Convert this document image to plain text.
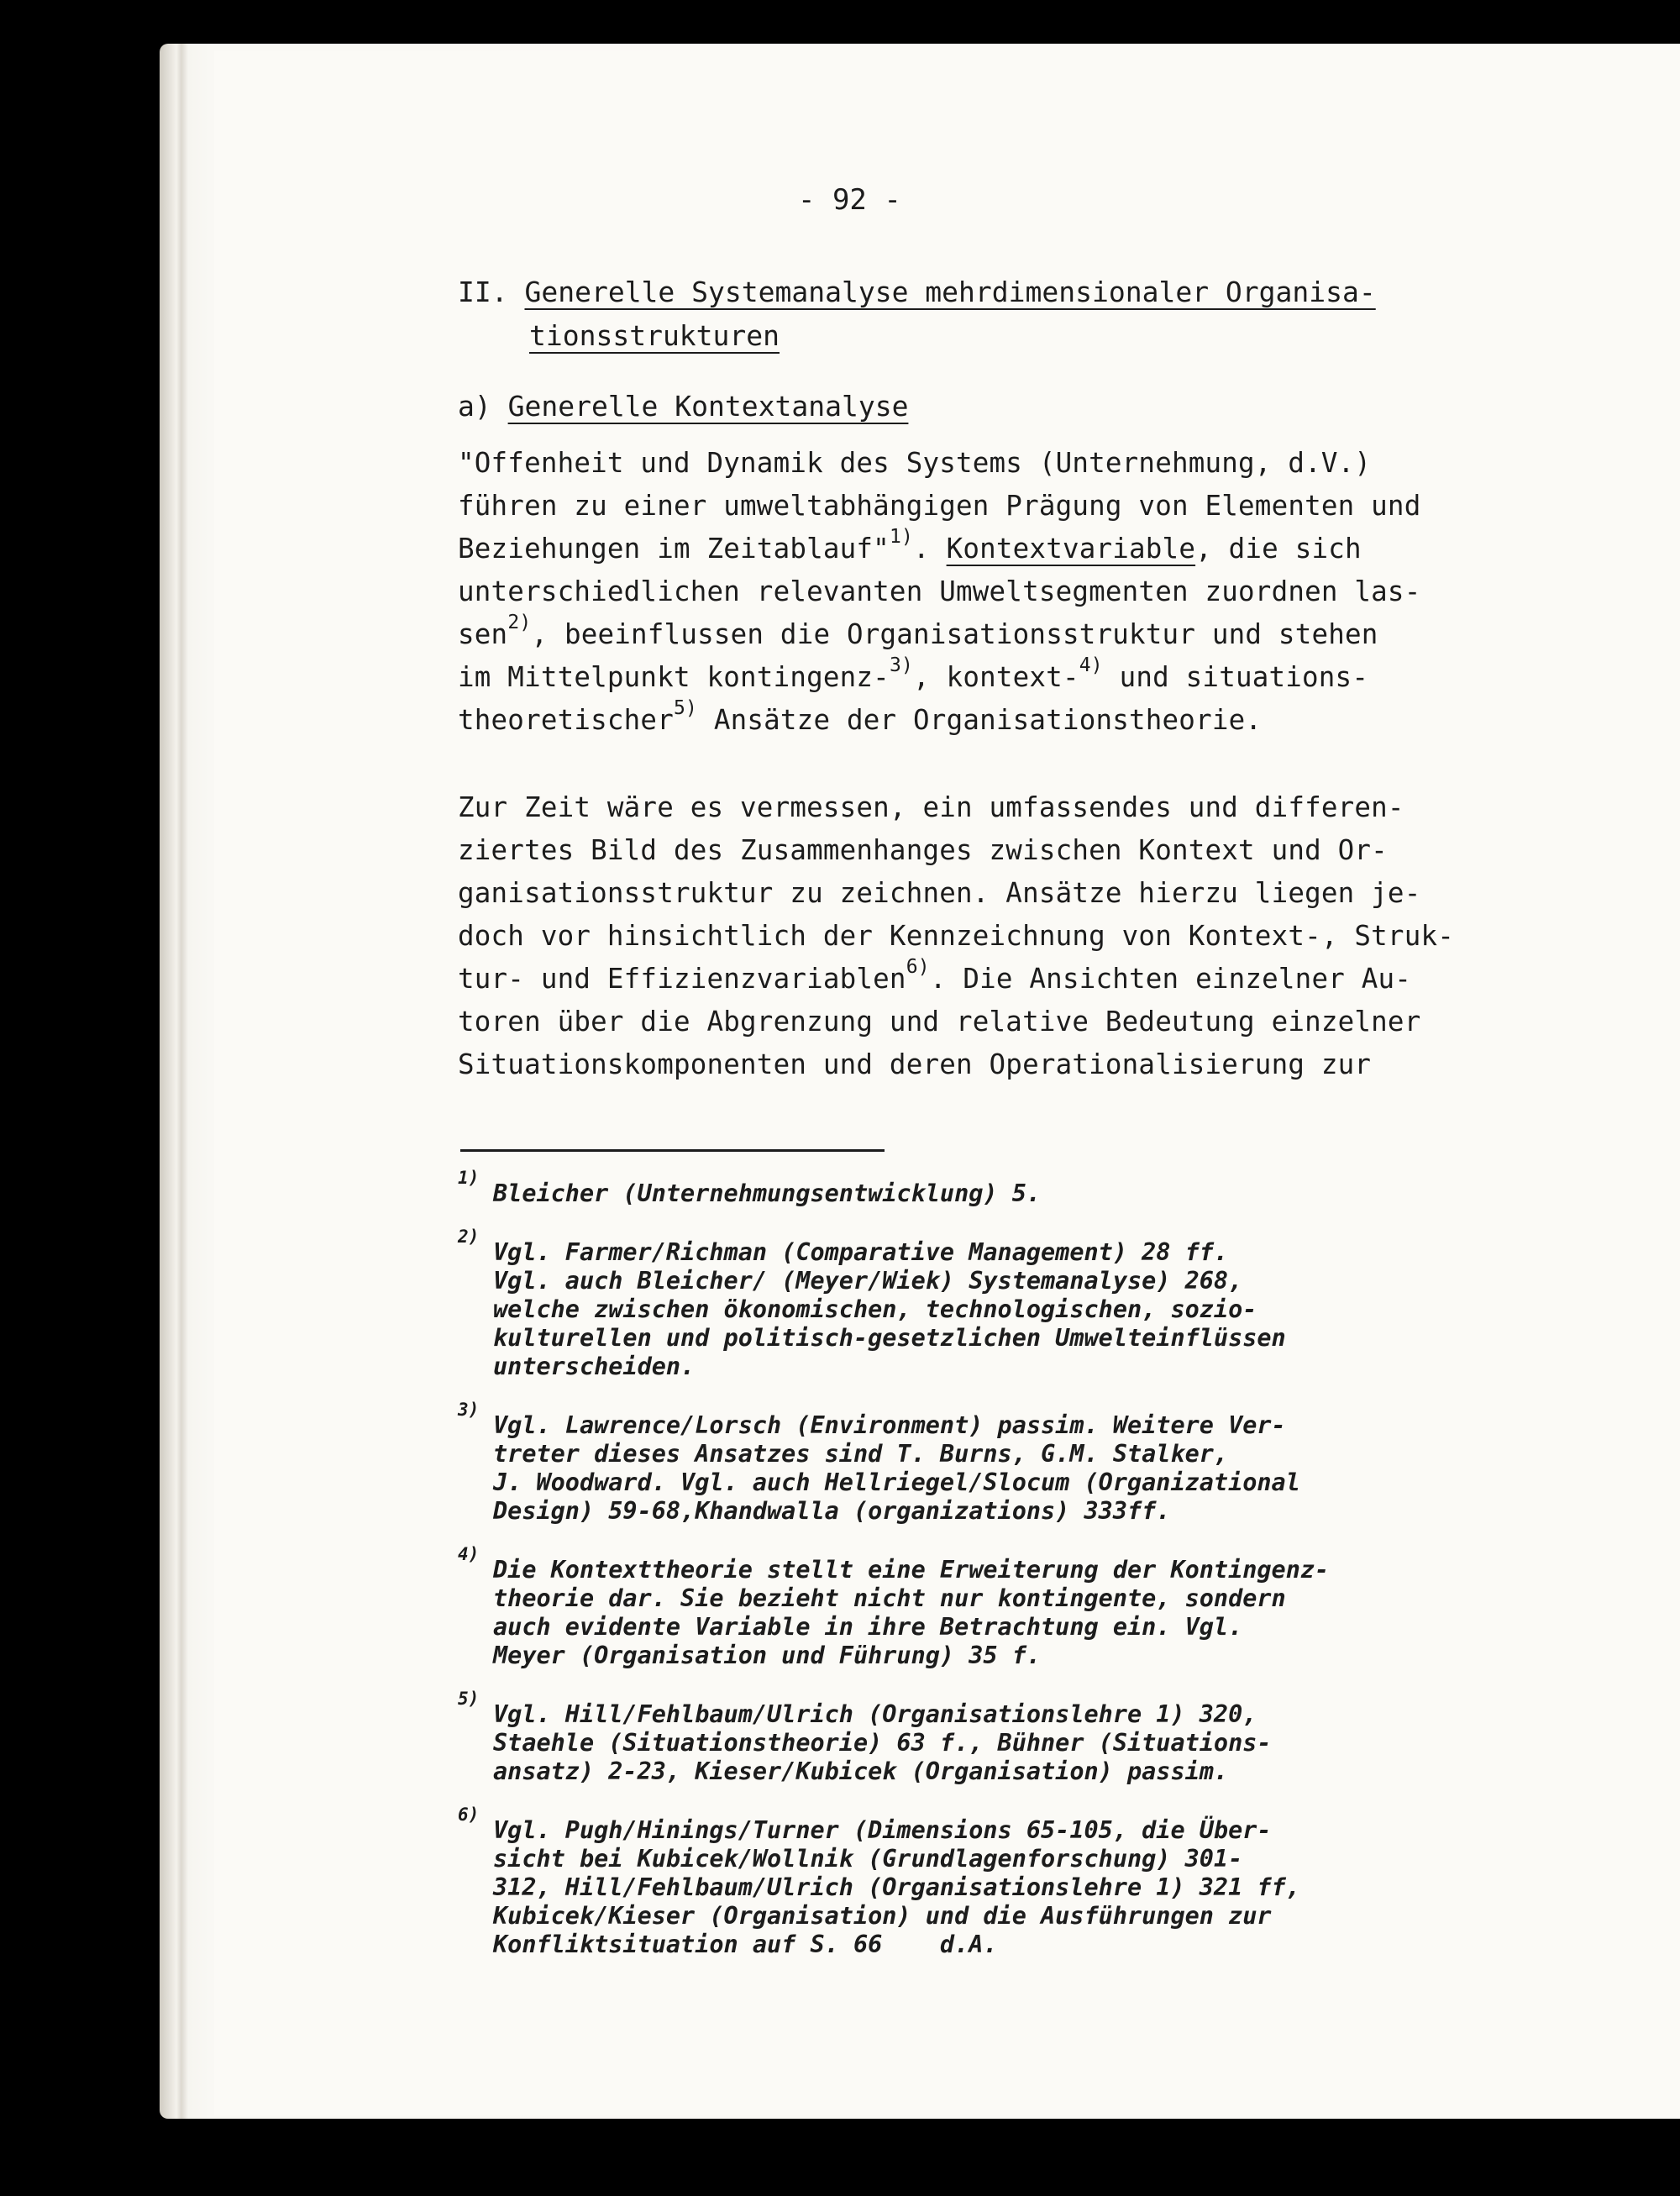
- 92 -
II. Generelle Systemanalyse mehrdimensionaler Organisa-
tionsstrukturen
a) Generelle Kontextanalyse
"Offenheit und Dynamik des Systems (Unternehmung, d.V.)
führen zu einer umweltabhängigen Prägung von Elementen und
Beziehungen im Zeitablauf"$^{1)}$. Kontextvariable, die sich
unterschiedlichen relevanten Umweltsegmenten zuordnen las-
sen$^{2)}$, beeinflussen die Organisationsstruktur und stehen
im Mittelpunkt kontingenz-$^{3)}$, kontext-$^{4)}$ und situations-
theoretischer$^{5)}$ Ansätze der Organisationstheorie.
Zur Zeit wäre es vermessen, ein umfassendes und differen-
ziertes Bild des Zusammenhanges zwischen Kontext und Or-
ganisationsstruktur zu zeichnen. Ansätze hierzu liegen je-
doch vor hinsichtlich der Kennzeichnung von Kontext-, Struk-
tur- und Effizienzvariablen$^{6)}$. Die Ansichten einzelner Au-
toren über die Abgrenzung und relative Bedeutung einzelner
Situationskomponenten und deren Operationalisierung zur
1)
Bleicher (Unternehmungsentwicklung) 5.
2)
Vgl. Farmer/Richman (Comparative Management) 28 ff.
Vgl. auch Bleicher/ (Meyer/Wiek) Systemanalyse) 268,
welche zwischen ökonomischen, technologischen, sozio-
kulturellen und politisch-gesetzlichen Umwelteinflüssen
unterscheiden.
3)
Vgl. Lawrence/Lorsch (Environment) passim. Weitere Ver-
treter dieses Ansatzes sind T. Burns, G.M. Stalker,
J. Woodward. Vgl. auch Hellriegel/Slocum (Organizational
Design) 59-68,Khandwalla (organizations) 333ff.
4)
Die Kontexttheorie stellt eine Erweiterung der Kontingenz-
theorie dar. Sie bezieht nicht nur kontingente, sondern
auch evidente Variable in ihre Betrachtung ein. Vgl.
Meyer (Organisation und Führung) 35 f.
5)
Vgl. Hill/Fehlbaum/Ulrich (Organisationslehre 1) 320,
Staehle (Situationstheorie) 63 f., Bühner (Situations-
ansatz) 2-23, Kieser/Kubicek (Organisation) passim.
6)
Vgl. Pugh/Hinings/Turner (Dimensions 65-105, die Über-
sicht bei Kubicek/Wollnik (Grundlagenforschung) 301-
312, Hill/Fehlbaum/Ulrich (Organisationslehre 1) 321 ff,
Kubicek/Kieser (Organisation) und die Ausführungen zur
Konfliktsituation auf S. 66    d.A.
